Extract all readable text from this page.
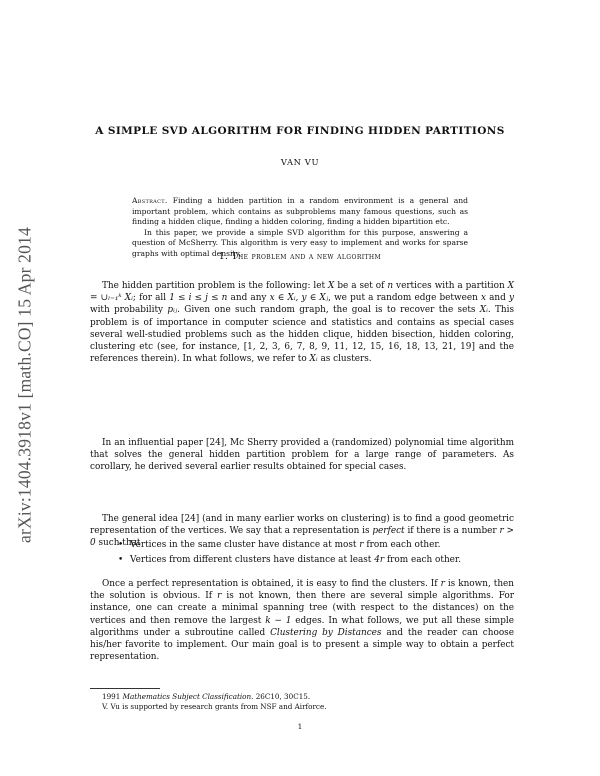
arXiv:1404.3918v1 [math.CO] 15 Apr 2014
A SIMPLE SVD ALGORITHM FOR FINDING HIDDEN PARTITIONS
VAN VU

Abstract. Finding a hidden partition in a random environment is a general and important problem, which contains as subproblems many famous questions, such as finding a hidden clique, finding a hidden coloring, finding a hidden bipartition etc.

In this paper, we provide a simple SVD algorithm for this purpose, answering a question of McSherry. This algorithm is very easy to implement and works for sparse graphs with optimal density.

1. The problem and a new algorithm

The hidden partition problem is the following: let X be a set of n vertices with a partition X = ∪ₗ₌₁ᵏ Xᵢ; for all 1 ≤ i ≤ j ≤ n and any x ∈ Xᵢ, y ∈ Xⱼ, we put a random edge between x and y with probability pᵢⱼ. Given one such random graph, the goal is to recover the sets Xᵢ. This problem is of importance in computer science and statistics and contains as special cases several well-studied problems such as the hidden clique, hidden bisection, hidden coloring, clustering etc (see, for instance, [1, 2, 3, 6, 7, 8, 9, 11, 12, 15, 16, 18, 13, 21, 19] and the references therein). In what follows, we refer to Xᵢ as clusters.

In an influential paper [24], Mc Sherry provided a (randomized) polynomial time algorithm that solves the general hidden partition problem for a large range of parameters. As corollary, he derived several earlier results obtained for special cases.

The general idea [24] (and in many earlier works on clustering) is to find a good geometric representation of the vertices. We say that a representation is perfect if there is a number r > 0 such that

• Vertices in the same cluster have distance at most r from each other.
• Vertices from different clusters have distance at least 4r from each other.

Once a perfect representation is obtained, it is easy to find the clusters. If r is known, then the solution is obvious. If r is not known, then there are several simple algorithms. For instance, one can create a minimal spanning tree (with respect to the distances) on the vertices and then remove the largest k − 1 edges. In what follows, we put all these simple algorithms under a subroutine called Clustering by Distances and the reader can choose his/her favorite to implement. Our main goal is to present a simple way to obtain a perfect representation.

1991 Mathematics Subject Classification. 26C10, 30C15.
V. Vu is supported by research grants from NSF and Airforce.
1
